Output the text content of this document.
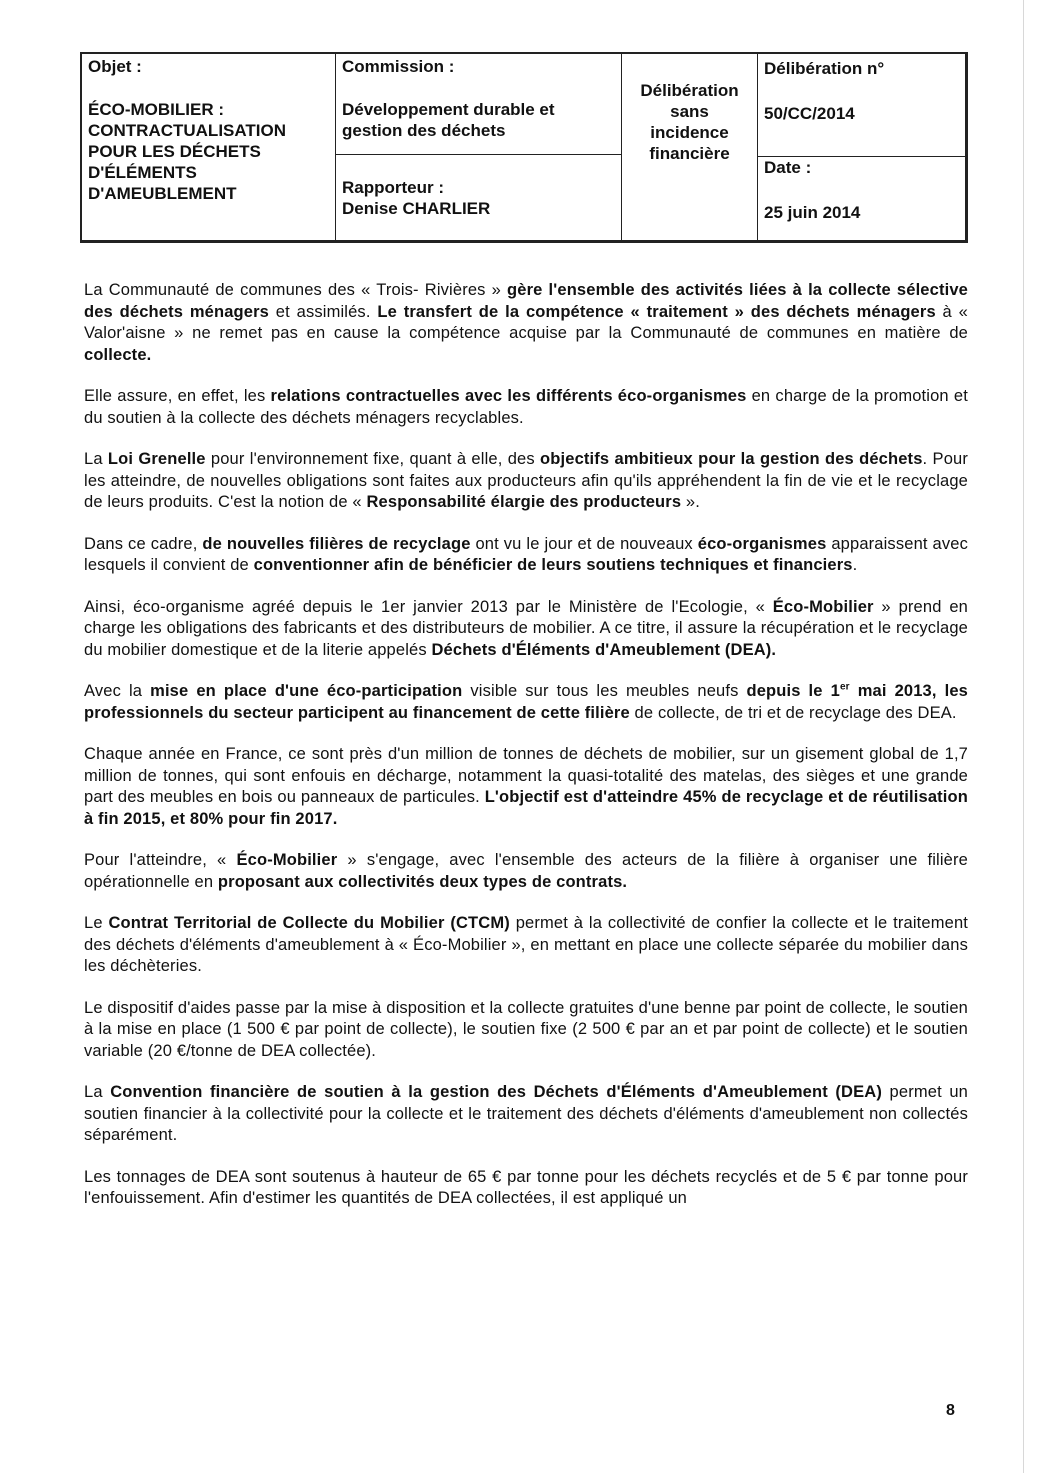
Objet :
ÉCO-MOBILIER :
CONTRACTUALISATION
POUR LES DÉCHETS
D'ÉLÉMENTS
D'AMEUBLEMENT
Commission :
Développement durable et
gestion des déchets
Rapporteur :
Denise CHARLIER
Délibération
sans
incidence
financière
Délibération n°
50/CC/2014
Date :
25 juin 2014

La Communauté de communes des « Trois- Rivières » gère l'ensemble des activités liées à la collecte sélective des déchets ménagers et assimilés. Le transfert de la compétence « traitement » des déchets ménagers à « Valor'aisne » ne remet pas en cause la compétence acquise par la Communauté de communes en matière de collecte.

Elle assure, en effet, les relations contractuelles avec les différents éco-organismes en charge de la promotion et du soutien à la collecte des déchets ménagers recyclables.

La Loi Grenelle pour l'environnement fixe, quant à elle, des objectifs ambitieux pour la gestion des déchets. Pour les atteindre, de nouvelles obligations sont faites aux producteurs afin qu'ils appréhendent la fin de vie et le recyclage de leurs produits. C'est la notion de « Responsabilité élargie des producteurs ».

Dans ce cadre, de nouvelles filières de recyclage ont vu le jour et de nouveaux éco-organismes apparaissent avec lesquels il convient de conventionner afin de bénéficier de leurs soutiens techniques et financiers.

Ainsi, éco-organisme agréé depuis le 1er janvier 2013 par le Ministère de l'Ecologie, « Éco-Mobilier » prend en charge les obligations des fabricants et des distributeurs de mobilier. A ce titre, il assure la récupération et le recyclage du mobilier domestique et de la literie appelés Déchets d'Éléments d'Ameublement (DEA).

Avec la mise en place d'une éco-participation visible sur tous les meubles neufs depuis le 1er mai 2013, les professionnels du secteur participent au financement de cette filière de collecte, de tri et de recyclage des DEA.

Chaque année en France, ce sont près d'un million de tonnes de déchets de mobilier, sur un gisement global de 1,7 million de tonnes, qui sont enfouis en décharge, notamment la quasi-totalité des matelas, des sièges et une grande part des meubles en bois ou panneaux de particules. L'objectif est d'atteindre 45% de recyclage et de réutilisation à fin 2015, et 80% pour fin 2017.

Pour l'atteindre, « Éco-Mobilier » s'engage, avec l'ensemble des acteurs de la filière à organiser une filière opérationnelle en proposant aux collectivités deux types de contrats.

Le Contrat Territorial de Collecte du Mobilier (CTCM) permet à la collectivité de confier la collecte et le traitement des déchets d'éléments d'ameublement à « Éco-Mobilier », en mettant en place une collecte séparée du mobilier dans les déchèteries.

Le dispositif d'aides passe par la mise à disposition et la collecte gratuites d'une benne par point de collecte, le soutien à la mise en place (1 500 € par point de collecte), le soutien fixe (2 500 € par an et par point de collecte) et le soutien variable (20 €/tonne de DEA collectée).

La Convention financière de soutien à la gestion des Déchets d'Éléments d'Ameublement (DEA) permet un soutien financier à la collectivité pour la collecte et le traitement des déchets d'éléments d'ameublement non collectés séparément.

Les tonnages de DEA sont soutenus à hauteur de 65 € par tonne pour les déchets recyclés et de 5 € par tonne pour l'enfouissement. Afin d'estimer les quantités de DEA collectées, il est appliqué un

8
